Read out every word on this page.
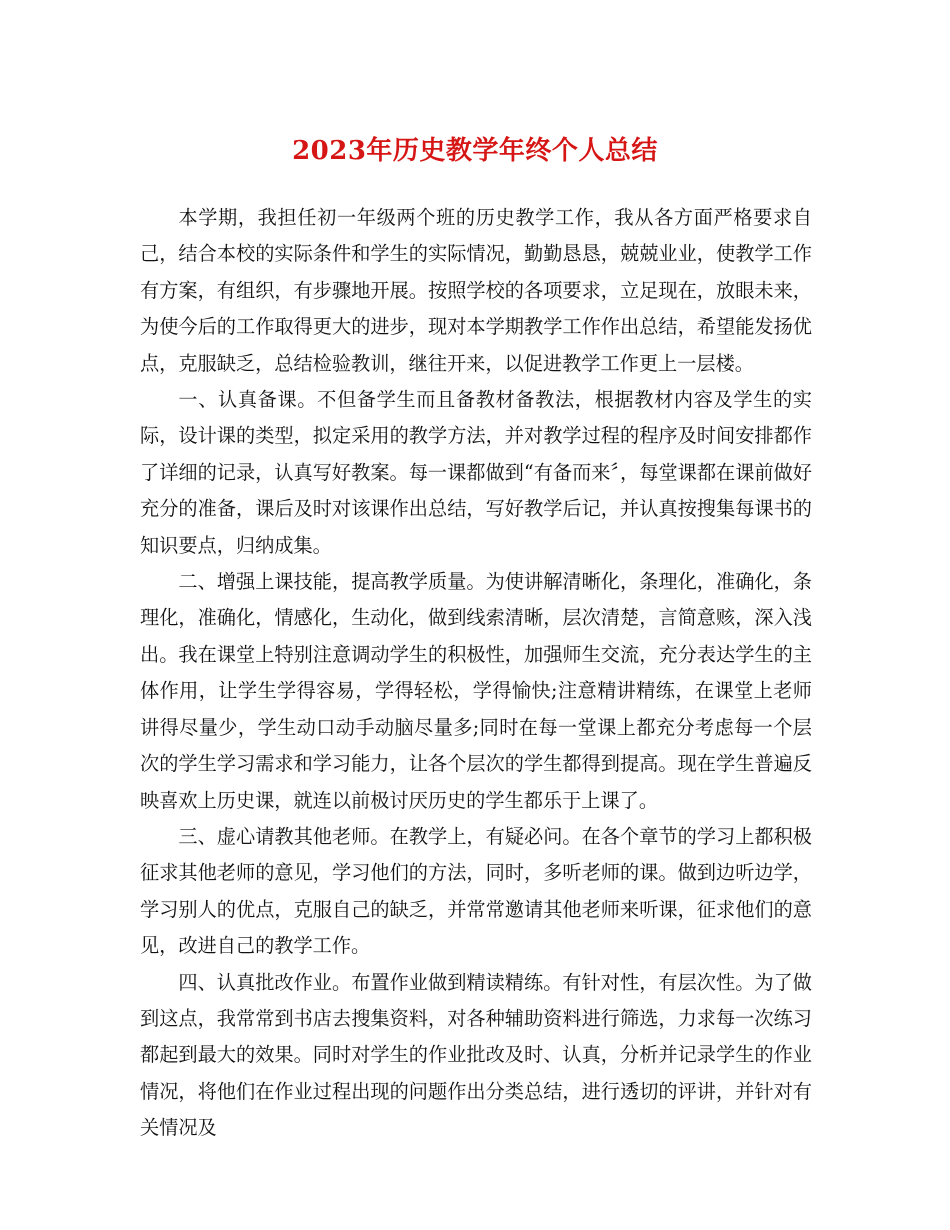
2023年历史教学年终个人总结

本学期，我担任初一年级两个班的历史教学工作，我从各方面严格要求自己，结合本校的实际条件和学生的实际情况，勤勤恳恳，兢兢业业，使教学工作有方案，有组织，有步骤地开展。按照学校的各项要求，立足现在，放眼未来，为使今后的工作取得更大的进步，现对本学期教学工作作出总结，希望能发扬优点，克服缺乏，总结检验教训，继往开来，以促进教学工作更上一层楼。

一、认真备课。不但备学生而且备教材备教法，根据教材内容及学生的实际，设计课的类型，拟定采用的教学方法，并对教学过程的程序及时间安排都作了详细的记录，认真写好教案。每一课都做到“有备而来〞，每堂课都在课前做好充分的准备，课后及时对该课作出总结，写好教学后记，并认真按搜集每课书的知识要点，归纳成集。

二、增强上课技能，提高教学质量。为使讲解清晰化，条理化，准确化，条理化，准确化，情感化，生动化，做到线索清晰，层次清楚，言简意赅，深入浅出。我在课堂上特别注意调动学生的积极性，加强师生交流，充分表达学生的主体作用，让学生学得容易，学得轻松，学得愉快;注意精讲精练，在课堂上老师讲得尽量少，学生动口动手动脑尽量多;同时在每一堂课上都充分考虑每一个层次的学生学习需求和学习能力，让各个层次的学生都得到提高。现在学生普遍反映喜欢上历史课，就连以前极讨厌历史的学生都乐于上课了。

三、虚心请教其他老师。在教学上，有疑必问。在各个章节的学习上都积极征求其他老师的意见，学习他们的方法，同时，多听老师的课。做到边听边学，学习别人的优点，克服自己的缺乏，并常常邀请其他老师来听课，征求他们的意见，改进自己的教学工作。

四、认真批改作业。布置作业做到精读精练。有针对性，有层次性。为了做到这点，我常常到书店去搜集资料，对各种辅助资料进行筛选，力求每一次练习都起到最大的效果。同时对学生的作业批改及时、认真，分析并记录学生的作业情况，将他们在作业过程出现的问题作出分类总结，进行透切的评讲，并针对有关情况及
